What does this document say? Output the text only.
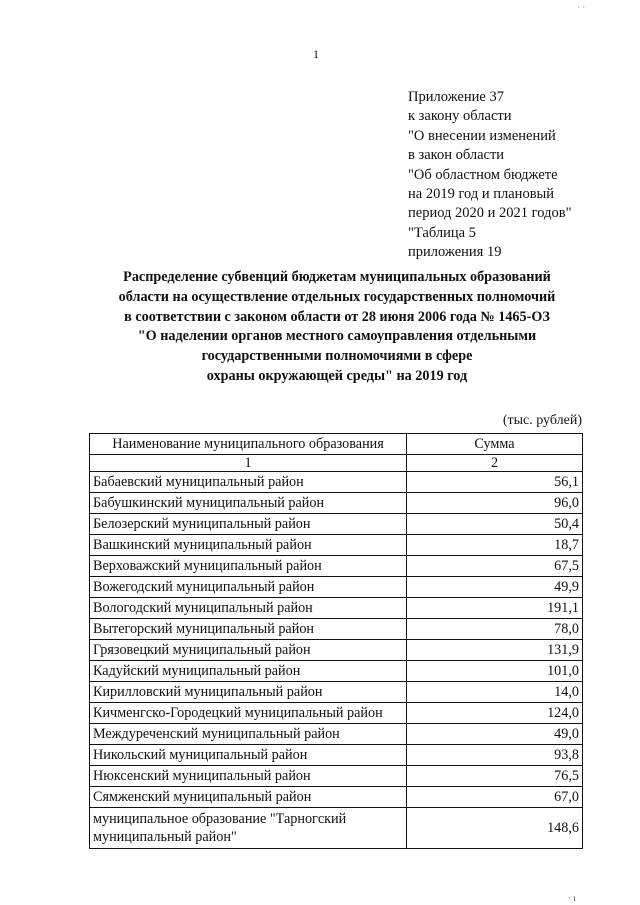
· ·
1
Приложение 37
к закону области
"О внесении изменений
в закон области
"Об областном бюджете
на 2019 год и плановый
период 2020 и 2021 годов"
"Таблица 5
приложения 19
Распределение субвенций бюджетам муниципальных образований
области на осуществление отдельных государственных полномочий
в соответствии с законом области от 28 июня 2006 года № 1465-ОЗ
"О наделении органов местного самоуправления отдельными
государственными полномочиями в сфере
охраны окружающей среды" на 2019 год
(тыс. рублей)
Наименование муниципального образования	Сумма
1	2
Бабаевский муниципальный район	56,1
Бабушкинский муниципальный район	96,0
Белозерский муниципальный район	50,4
Вашкинский муниципальный район	18,7
Верховажский муниципальный район	67,5
Вожегодский муниципальный район	49,9
Вологодский муниципальный район	191,1
Вытегорский муниципальный район	78,0
Грязовецкий муниципальный район	131,9
Кадуйский муниципальный район	101,0
Кирилловский муниципальный район	14,0
Кичменгско-Городецкий муниципальный район	124,0
Междуреченский муниципальный район	49,0
Никольский муниципальный район	93,8
Нюксенский муниципальный район	76,5
Сямженский муниципальный район	67,0
муниципальное образование "Тарногский муниципальный район"	148,6
· ı
